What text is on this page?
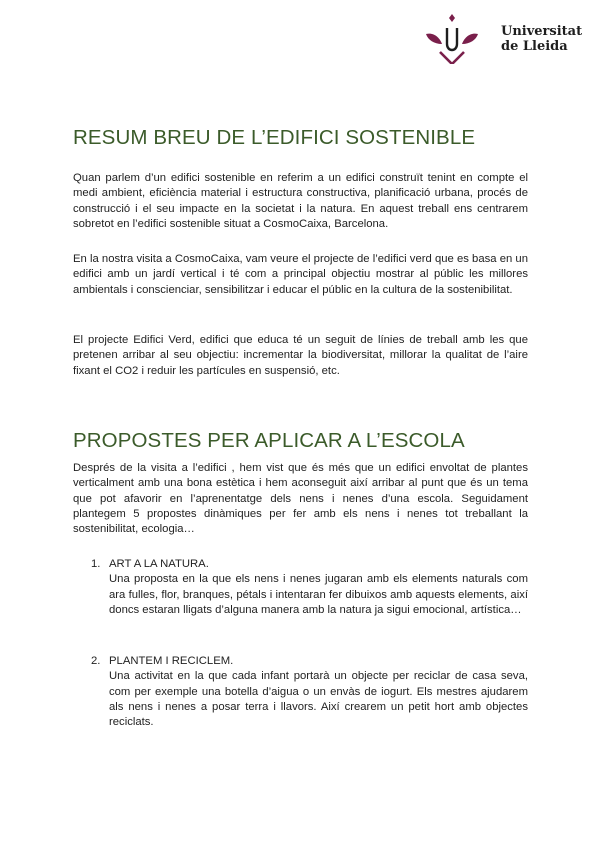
Universitat
de Lleida
RESUM BREU DE L’EDIFICI SOSTENIBLE

Quan parlem d’un edifici sostenible en referim a un edifici construït tenint en compte el medi ambient, eficiència material i estructura constructiva, planificació urbana, procés de construcció i el seu impacte en la societat i la natura. En aquest treball ens centrarem sobretot en l’edifici sostenible situat a CosmoCaixa, Barcelona.

En la nostra visita a CosmoCaixa, vam veure el projecte de l’edifici verd que es basa en un edifici amb un jardí vertical i té com a principal objectiu mostrar al públic les millores ambientals i conscienciar, sensibilitzar i educar el públic en la cultura de la sostenibilitat.

El projecte Edifici Verd, edifici que educa té un seguit de línies de treball amb les que pretenen arribar al seu objectiu: incrementar la biodiversitat, millorar la qualitat de l’aire fixant el CO2 i reduir les partícules en suspensió, etc.

PROPOSTES PER APLICAR A L’ESCOLA

Després de la visita a l’edifici , hem vist que és més que un edifici envoltat de plantes verticalment amb una bona estètica i hem aconseguit així arribar al punt que és un tema que pot afavorir en l’aprenentatge dels nens i nenes d’una escola. Seguidament plantegem 5 propostes dinàmiques per fer amb els nens i nenes tot treballant la sostenibilitat, ecologia…

1. ART A LA NATURA.

Una proposta en la que els nens i nenes jugaran amb els elements naturals com ara fulles, flor, branques, pétals i intentaran fer dibuixos amb aquests elements, així doncs estaran lligats d’alguna manera amb la natura ja sigui emocional, artística…

2. PLANTEM I RECICLEM.

Una activitat en la que cada infant portarà un objecte per reciclar de casa seva, com per exemple una botella d’aigua o un envàs de iogurt. Els mestres ajudarem als nens i nenes a posar terra i llavors. Així crearem un petit hort amb objectes reciclats.
